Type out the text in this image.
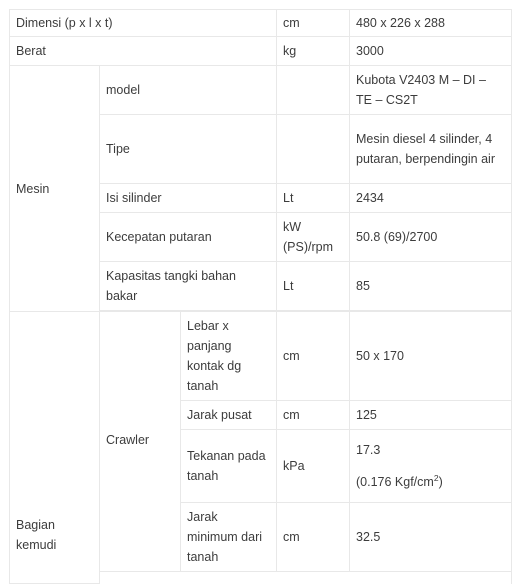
Dimensi (p x l x t)			cm	480 x 226 x 288
Berat			kg	3000
Mesin	model			Kubota V2403 M – DI – TE – CS2T
	Tipe			Mesin diesel 4 silinder, 4 putaran, berpendingin air
	Isi silinder		Lt	2434
	Kecepatan putaran		kW (PS)/rpm	50.8 (69)/2700
	Kapasitas tangki bahan bakar		Lt	85

Bagian kemudi	Crawler	Lebar x panjang kontak dg tanah	cm	50 x 170
		Jarak pusat	cm	125
		Tekanan pada tanah	kPa	17.3
(0.176 Kgf/$cm^2$)
		Jarak minimum dari tanah	cm	32.5
